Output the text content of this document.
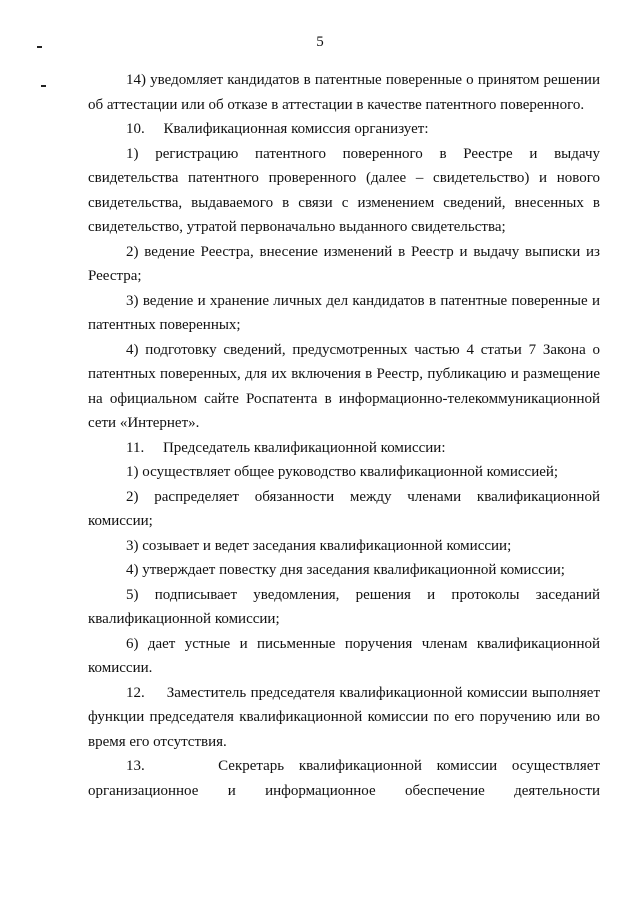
5

14) уведомляет кандидатов в патентные поверенные о принятом решении об аттестации или об отказе в аттестации в качестве патентного поверенного.

10.     Квалификационная комиссия организует:

1) регистрацию патентного поверенного в Реестре и выдачу свидетельства патентного проверенного (далее – свидетельство) и нового свидетельства, выдаваемого в связи с изменением сведений, внесенных в свидетельство, утратой первоначально выданного свидетельства;

2) ведение Реестра, внесение изменений в Реестр и выдачу выписки из Реестра;

3) ведение и хранение личных дел кандидатов в патентные поверенные и патентных поверенных;

4) подготовку сведений, предусмотренных частью 4 статьи 7 Закона о патентных поверенных, для их включения в Реестр, публикацию и размещение на официальном сайте Роспатента в информационно-телекоммуникационной сети «Интернет».

11.     Председатель квалификационной комиссии:

1) осуществляет общее руководство квалификационной комиссией;

2) распределяет обязанности между членами квалификационной комиссии;

3) созывает и ведет заседания квалификационной комиссии;

4) утверждает повестку дня заседания квалификационной комиссии;

5) подписывает уведомления, решения и протоколы заседаний квалификационной комиссии;

6) дает устные и письменные поручения членам квалификационной комиссии.

12.     Заместитель председателя квалификационной комиссии выполняет функции председателя квалификационной комиссии по его поручению или во время его отсутствия.

13.     Секретарь квалификационной комиссии осуществляет организационное и информационное обеспечение деятельности
